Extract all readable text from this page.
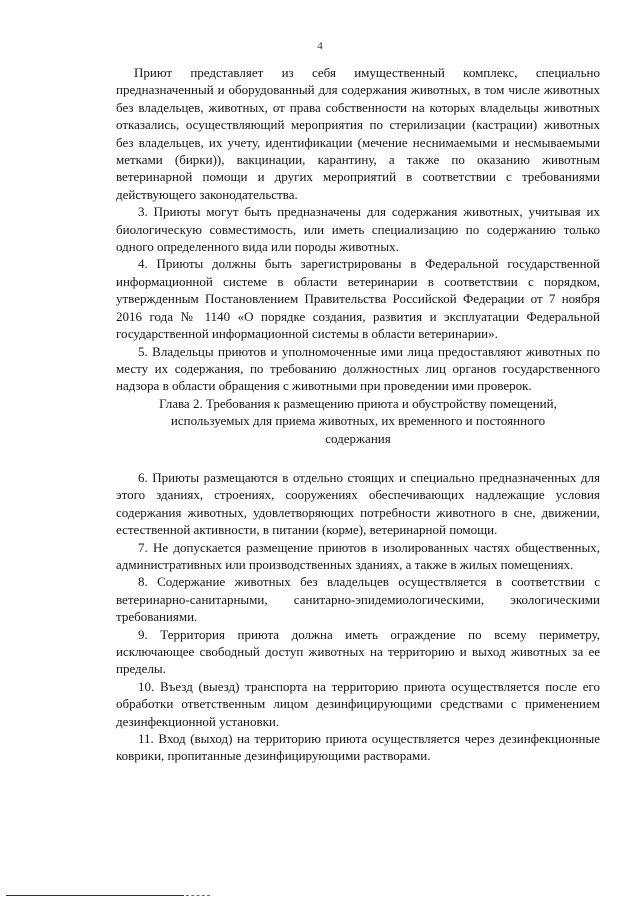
4

Приют представляет из себя имущественный комплекс, специально предназначенный и оборудованный для содержания животных, в том числе животных без владельцев, животных, от права собственности на которых владельцы животных отказались, осуществляющий мероприятия по стерилизации (кастрации) животных без владельцев, их учету, идентификации (мечение неснимаемыми и несмываемыми метками (бирки)), вакцинации, карантину, а также по оказанию животным ветеринарной помощи и других мероприятий в соответствии с требованиями действующего законодательства.

3. Приюты могут быть предназначены для содержания животных, учитывая их биологическую совместимость, или иметь специализацию по содержанию только одного определенного вида или породы животных.

4. Приюты должны быть зарегистрированы в Федеральной государственной информационной системе в области ветеринарии в соответствии с порядком, утвержденным Постановлением Правительства Российской Федерации от 7 ноября 2016 года № 1140 «О порядке создания, развития и эксплуатации Федеральной государственной информационной системы в области ветеринарии».

5. Владельцы приютов и уполномоченные ими лица предоставляют животных по месту их содержания, по требованию должностных лиц органов государственного надзора в области обращения с животными при проведении ими проверок.

Глава 2. Требования к размещению приюта и обустройству помещений,
используемых для приема животных, их временного и постоянного
содержания

6. Приюты размещаются в отдельно стоящих и специально предназначенных для этого зданиях, строениях, сооружениях обеспечивающих надлежащие условия содержания животных, удовлетворяющих потребности животного в сне, движении, естественной активности, в питании (корме), ветеринарной помощи.

7. Не допускается размещение приютов в изолированных частях общественных, административных или производственных зданиях, а также в жилых помещениях.

8. Содержание животных без владельцев осуществляется в соответствии с ветеринарно-санитарными, санитарно-эпидемиологическими, экологическими требованиями.

9. Территория приюта должна иметь ограждение по всему периметру, исключающее свободный доступ животных на территорию и выход животных за ее пределы.

10. Въезд (выезд) транспорта на территорию приюта осуществляется после его обработки ответственным лицом дезинфицирующими средствами с применением дезинфекционной установки.

11. Вход (выход) на территорию приюта осуществляется через дезинфекционные коврики, пропитанные дезинфицирующими растворами.
